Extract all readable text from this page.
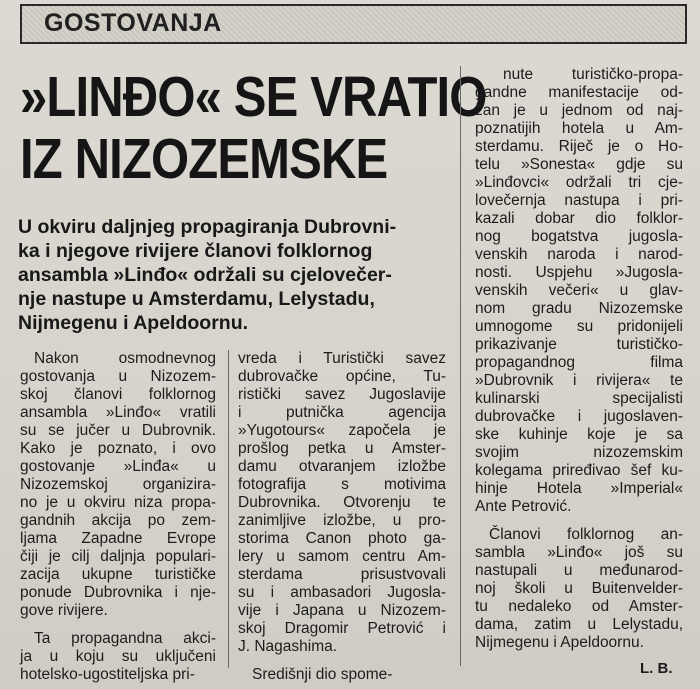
GOSTOVANJA
»LINĐO« SE VRATIO
IZ NIZOZEMSKE
U okviru daljnjeg propagiranja Dubrovni-
ka i njegove rivijere članovi folklornog
ansambla »Linđo« održali su cjelovečer-
nje nastupe u Amsterdamu, Lelystadu,
Nijmegenu i Apeldoornu.
Nakon osmodnevnog
gostovanja u Nizozem-
skoj članovi folklornog
ansambla »Linđo« vratili
su se jučer u Dubrovnik.
Kako je poznato, i ovo
gostovanje »Linđa« u
Nizozemskoj organizira-
no je u okviru niza propa-
gandnih akcija po zem-
ljama Zapadne Evrope
čiji je cilj daljnja populari-
zacija ukupne turističke
ponude Dubrovnika i nje-
gove rivijere.
Ta propagandna akci-
ja u koju su uključeni
hotelsko-ugostiteljska pri-
vreda i Turistički savez
dubrovačke općine, Tu-
ristički savez Jugoslavije
i putnička agencija
»Yugotours« započela je
prošlog petka u Amster-
damu otvaranjem izložbe
fotografija s motivima
Dubrovnika. Otvorenju te
zanimljive izložbe, u pro-
storima Canon photo ga-
lery u samom centru Am-
sterdama prisustvovali
su i ambasadori Jugosla-
vije i Japana u Nizozem-
skoj Dragomir Petrović i
J. Nagashima.
Središnji dio spome-
nute turističko-propa-
gandne manifestacije od-
žan je u jednom od naj-
poznatijih hotela u Am-
sterdamu. Riječ je o Ho-
telu »Sonesta« gdje su
»Linđovci« održali tri cje-
lovečernja nastupa i pri-
kazali dobar dio folklor-
nog bogatstva jugosla-
venskih naroda i narod-
nosti. Uspjehu »Jugosla-
venskih večeri« u glav-
nom gradu Nizozemske
umnogome su pridonijeli
prikazivanje turističko-
propagandnog filma
»Dubrovnik i rivijera« te
kulinarski specijalisti
dubrovačke i jugoslaven-
ske kuhinje koje je sa
svojim nizozemskim
kolegama priređivao šef ku-
hinje Hotela »Imperial«
Ante Petrović.
Članovi folklornog an-
sambla »Linđo« još su
nastupali u međunarod-
noj školi u Buitenvelder-
tu nedaleko od Amster-
dama, zatim u Lelystadu,
Nijmegenu i Apeldoornu.
L. B.
